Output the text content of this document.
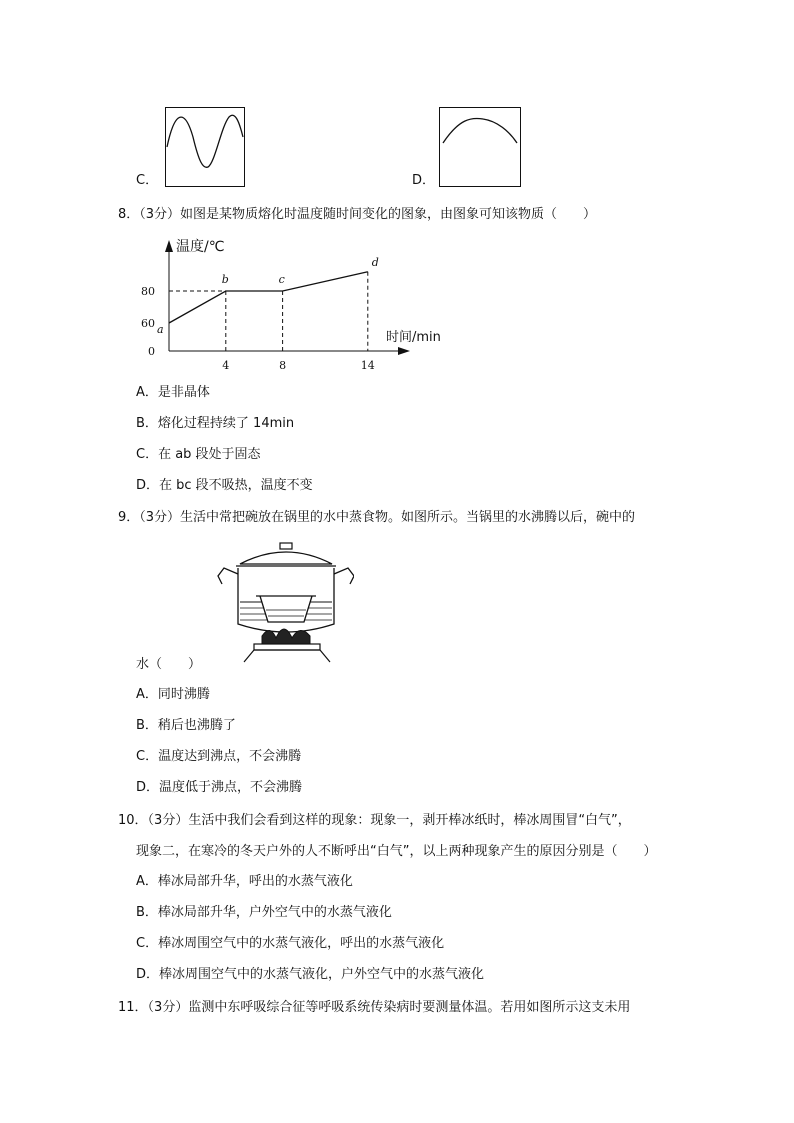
C．	D．
8．（3分）如图是某物质熔化时温度随时间变化的图象，由图象可知该物质（　　）
a
b	c
d
4	8	14
60
80
0
温度/℃
时间/min
A．是非晶体
B．熔化过程持续了 14min
C．在 ab 段处于固态
D．在 bc 段不吸热，温度不变
9．（3分）生活中常把碗放在锅里的水中蒸食物。如图所示。当锅里的水沸腾以后，碗中的
水（　　）
A．同时沸腾
B．稍后也沸腾了
C．温度达到沸点，不会沸腾
D．温度低于沸点，不会沸腾
10．（3分）生活中我们会看到这样的现象：现象一，剥开棒冰纸时，棒冰周围冒“白气”，
现象二，在寒冷的冬天户外的人不断呼出“白气”，以上两种现象产生的原因分别是（　　）
A．棒冰局部升华，呼出的水蒸气液化
B．棒冰局部升华，户外空气中的水蒸气液化
C．棒冰周围空气中的水蒸气液化，呼出的水蒸气液化
D．棒冰周围空气中的水蒸气液化，户外空气中的水蒸气液化
11．（3分）监测中东呼吸综合征等呼吸系统传染病时要测量体温。若用如图所示这支未用
